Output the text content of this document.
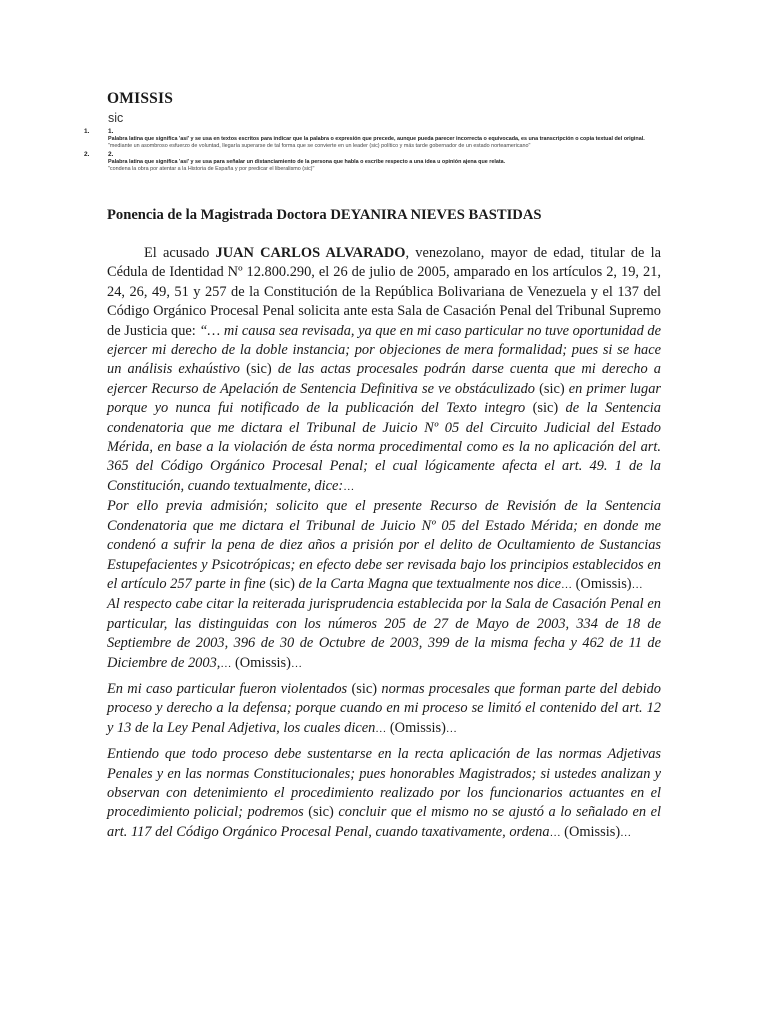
OMISSIS
sic
1.	1.
Palabra latina que significa 'así' y se usa en textos escritos para indicar que la palabra o expresión que precede, aunque pueda parecer incorrecta o equivocada, es una transcripción o copia textual del original.
"mediante un asombroso esfuerzo de voluntad, llegaría superarse de tal forma que se convierte en un leader (sic) político y más tarde gobernador de un estado norteamericano"
2.	2.
Palabra latina que significa 'así' y se usa para señalar un distanciamiento de la persona que habla o escribe respecto a una idea u opinión ajena que relata.
"condena la obra por atentar a la Historia de España y por predicar el liberalismo (sic)"
Ponencia de la Magistrada Doctora DEYANIRA NIEVES BASTIDAS

El acusado JUAN CARLOS ALVARADO, venezolano, mayor de edad, titular de la Cédula de Identidad Nº 12.800.290, el 26 de julio de 2005, amparado en los artículos 2, 19, 21, 24, 26, 49, 51 y 257 de la Constitución de la República Bolivariana de Venezuela y el 137 del Código Orgánico Procesal Penal solicita ante esta Sala de Casación Penal del Tribunal Supremo de Justicia que: “… mi causa sea revisada, ya que en mi caso particular no tuve oportunidad de ejercer mi derecho de la doble instancia; por objeciones de mera formalidad; pues si se hace un análisis exhaústivo (sic) de las actas procesales podrán darse cuenta que mi derecho a ejercer Recurso de Apelación de Sentencia Definitiva se ve obstáculizado (sic) en primer lugar porque yo nunca fui notificado de la publicación del Texto integro (sic) de la Sentencia condenatoria que me dictara el Tribunal de Juicio Nº 05 del Circuito Judicial del Estado Mérida, en base a la violación de ésta norma procedimental como es la no aplicación del art. 365 del Código Orgánico Procesal Penal; el cual lógicamente afecta el art. 49. 1 de la Constitución, cuando textualmente, dice:…

Por ello previa admisión; solicito que el presente Recurso de Revisión de la Sentencia Condenatoria que me dictara el Tribunal de Juicio Nº 05 del Estado Mérida; en donde me condenó a sufrir la pena de diez años a prisión por el delito de Ocultamiento de Sustancias Estupefacientes y Psicotrópicas; en efecto debe ser revisada bajo los principios establecidos en el artículo 257 parte in fine (sic) de la Carta Magna que textualmente nos dice… (Omissis)…

Al respecto cabe citar la reiterada jurisprudencia establecida por la Sala de Casación Penal en particular, las distinguidas con los números 205 de 27 de Mayo de 2003, 334 de 18 de Septiembre de 2003, 396 de 30 de Octubre de 2003, 399 de la misma fecha y 462 de 11 de Diciembre de 2003,… (Omissis)…

En mi caso particular fueron violentados (sic) normas procesales que forman parte del debido proceso y derecho a la defensa; porque cuando en mi proceso se limitó el contenido del art. 12 y 13 de la Ley Penal Adjetiva, los cuales dicen… (Omissis)…

Entiendo que todo proceso debe sustentarse en la recta aplicación de las normas Adjetivas Penales y en las normas Constitucionales; pues honorables Magistrados; si ustedes analizan y observan con detenimiento el procedimiento realizado por los funcionarios actuantes en el procedimiento policial; podremos (sic) concluir que el mismo no se ajustó a lo señalado en el art. 117 del Código Orgánico Procesal Penal, cuando taxativamente, ordena… (Omissis)…
